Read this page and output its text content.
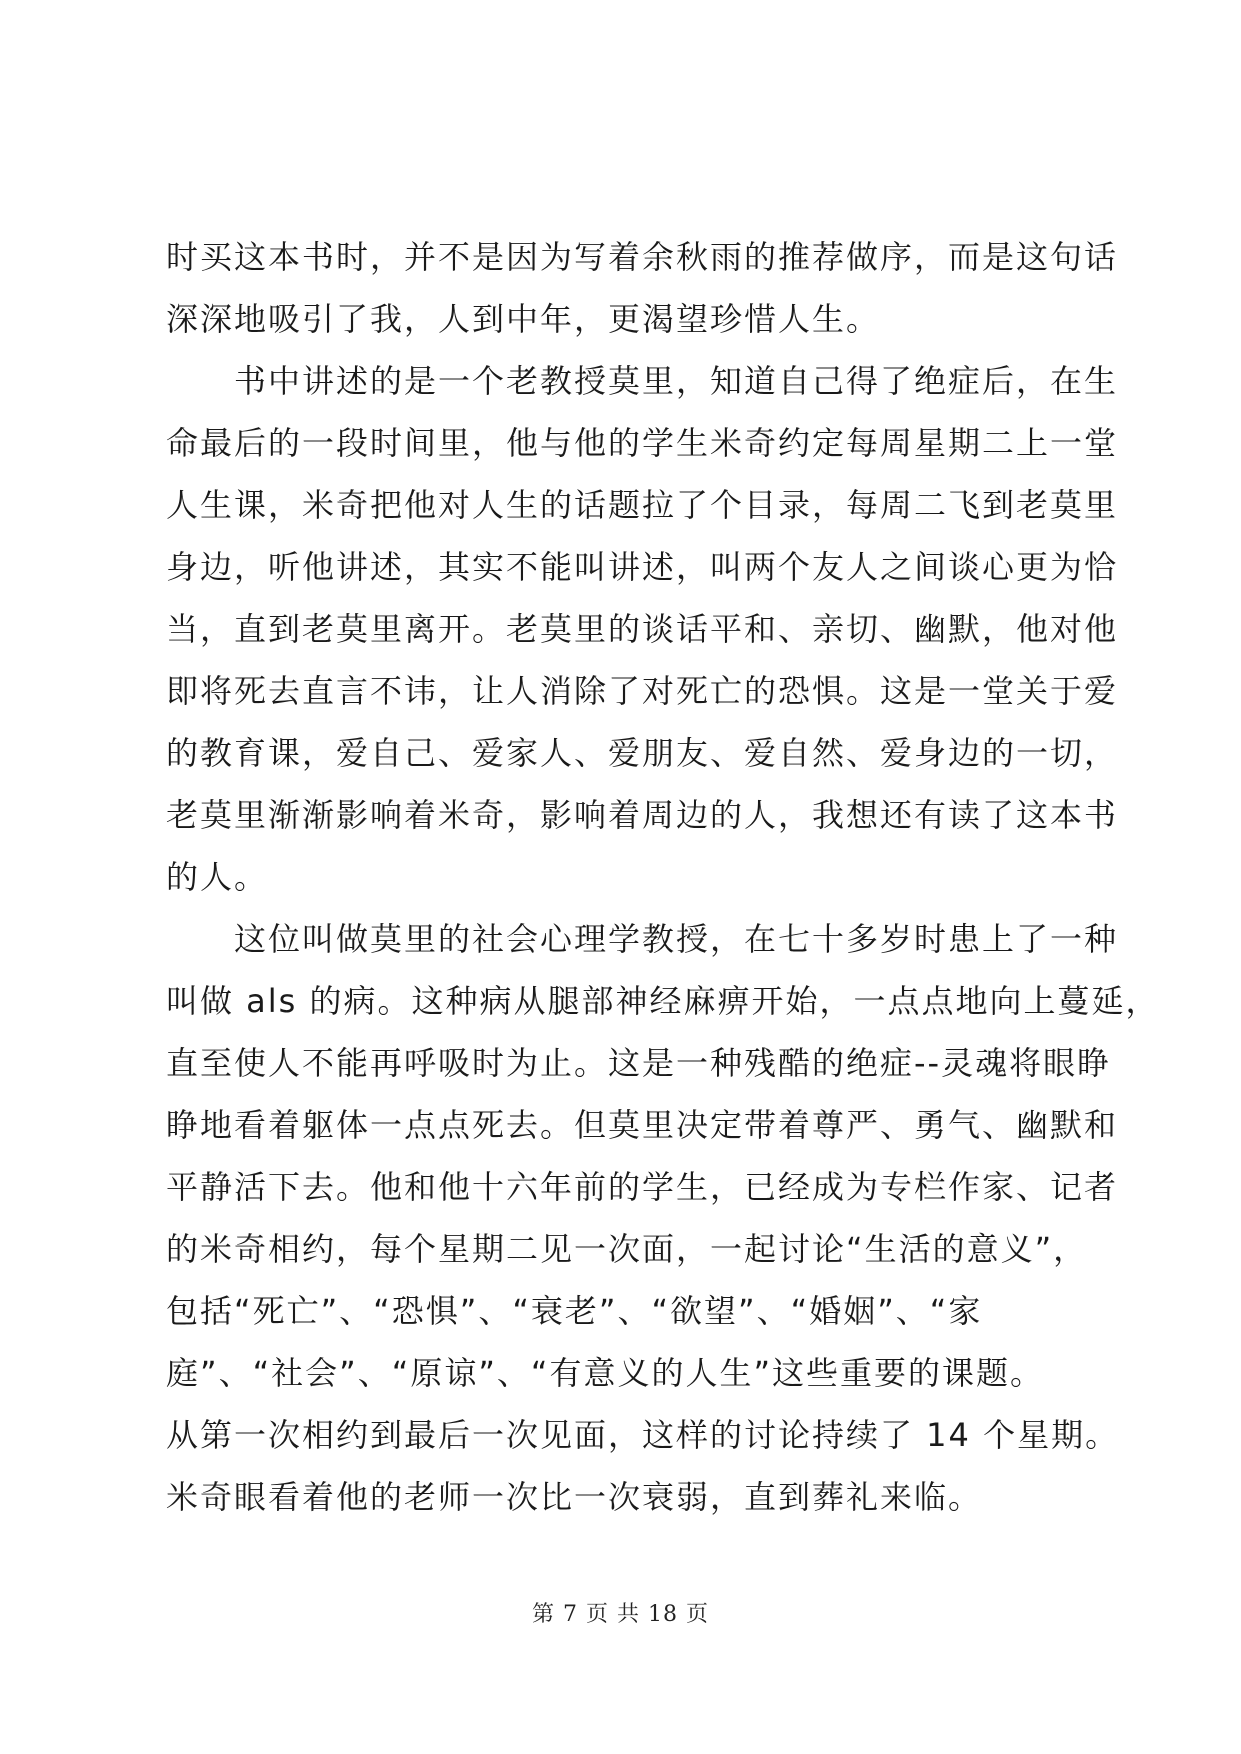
时买这本书时，并不是因为写着余秋雨的推荐做序，而是这句话
深深地吸引了我，人到中年，更渴望珍惜人生。
　　书中讲述的是一个老教授莫里，知道自己得了绝症后，在生
命最后的一段时间里，他与他的学生米奇约定每周星期二上一堂
人生课，米奇把他对人生的话题拉了个目录，每周二飞到老莫里
身边，听他讲述，其实不能叫讲述，叫两个友人之间谈心更为恰
当，直到老莫里离开。老莫里的谈话平和、亲切、幽默，他对他
即将死去直言不讳，让人消除了对死亡的恐惧。这是一堂关于爱
的教育课，爱自己、爱家人、爱朋友、爱自然、爱身边的一切，
老莫里渐渐影响着米奇，影响着周边的人，我想还有读了这本书
的人。
　　这位叫做莫里的社会心理学教授，在七十多岁时患上了一种
叫做 als 的病。这种病从腿部神经麻痹开始，一点点地向上蔓延，
直至使人不能再呼吸时为止。这是一种残酷的绝症--灵魂将眼睁
睁地看着躯体一点点死去。但莫里决定带着尊严、勇气、幽默和
平静活下去。他和他十六年前的学生，已经成为专栏作家、记者
的米奇相约，每个星期二见一次面，一起讨论“生活的意义”，
包括“死亡”、“恐惧”、“衰老”、“欲望”、“婚姻”、“家
庭”、“社会”、“原谅”、“有意义的人生”这些重要的课题。
从第一次相约到最后一次见面，这样的讨论持续了 14 个星期。
米奇眼看着他的老师一次比一次衰弱，直到葬礼来临。
第 7 页 共 18 页
